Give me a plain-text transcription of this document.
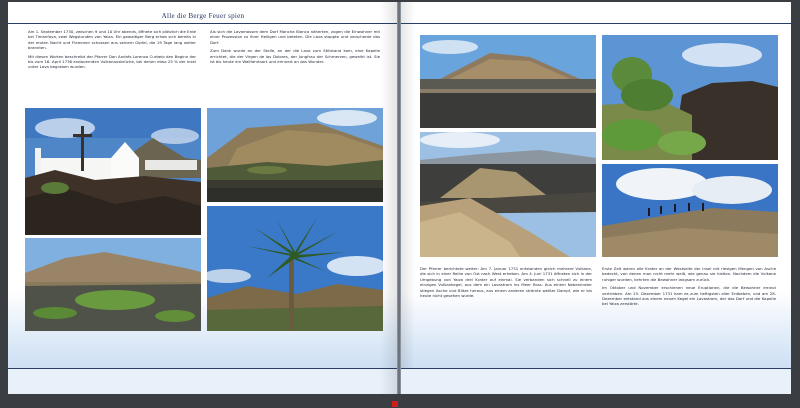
Alle die Berge Feuer spien

Am 1. September 1730, zwischen 9 und 10 Uhr abends, öffnete sich plötzlich die Erde bei Timanfaya, zwei Wegstunden von Yaiza. Ein gewaltiger Berg erhob sich bereits in der ersten Nacht und Flammen schossen aus seinem Gipfel, die 19 Tage lang weiter brannten.

Mit diesen Worten beschreibt der Pfarrer Don Andrés Lorenzo Curbelo den Beginn der bis zum 16. April 1736 andauernden Vulkanausbrüche, bei denen etwa 25 % der Insel unter Lava begraben wurden.

Als sich die Lavamassen dem Dorf Mancha Blanca näherten, zogen die Einwohner mit einer Prozession zu ihrer Heiligen und beteten. Die Lava stoppte und verschonte das Dorf.

Zum Dank wurde an der Stelle, an der die Lava zum Stillstand kam, eine Kapelle errichtet, die der Virgen de los Dolores, der Jungfrau der Schmerzen, geweiht ist. Sie ist bis heute ein Wallfahrtsort und erinnert an das Wunder.

Der Pfarrer berichtete weiter: Am 7. Januar 1731 entstanden gleich mehrere Vulkane, die sich in einer Reihe von Ost nach West erheben. Am 4. Juni 1731 öffneten sich in der Umgebung von Yaiza drei Krater auf einmal. Sie verbanden sich schnell zu einem einzigen Vulkankegel, aus dem ein Lavastrom ins Meer floss. Aus einem Nebenkrater stiegen Asche und Blitze heraus, aus einem anderen strömte weißer Dampf, wie er bis heute nicht gesehen wurde.

Erste Zeit waren alle Krater an der Westseite der Insel mit riesigen Mengen von Asche bedeckt, von denen man nicht mehr weiß, wie genau sie hießen. Nachdem die Vulkane ruhiger wurden, kehrten die Bewohner langsam zurück.

Im Oktober und November erschienen neue Eruptionen, die die Bewohner erneut vertrieben. Am 25. Dezember 1731 kam es zum heftigsten aller Erdbeben, und am 28. Dezember entstand aus einem neuen Kegel ein Lavastrom, der das Dorf und die Kapelle bei Yaiza zerstörte.
